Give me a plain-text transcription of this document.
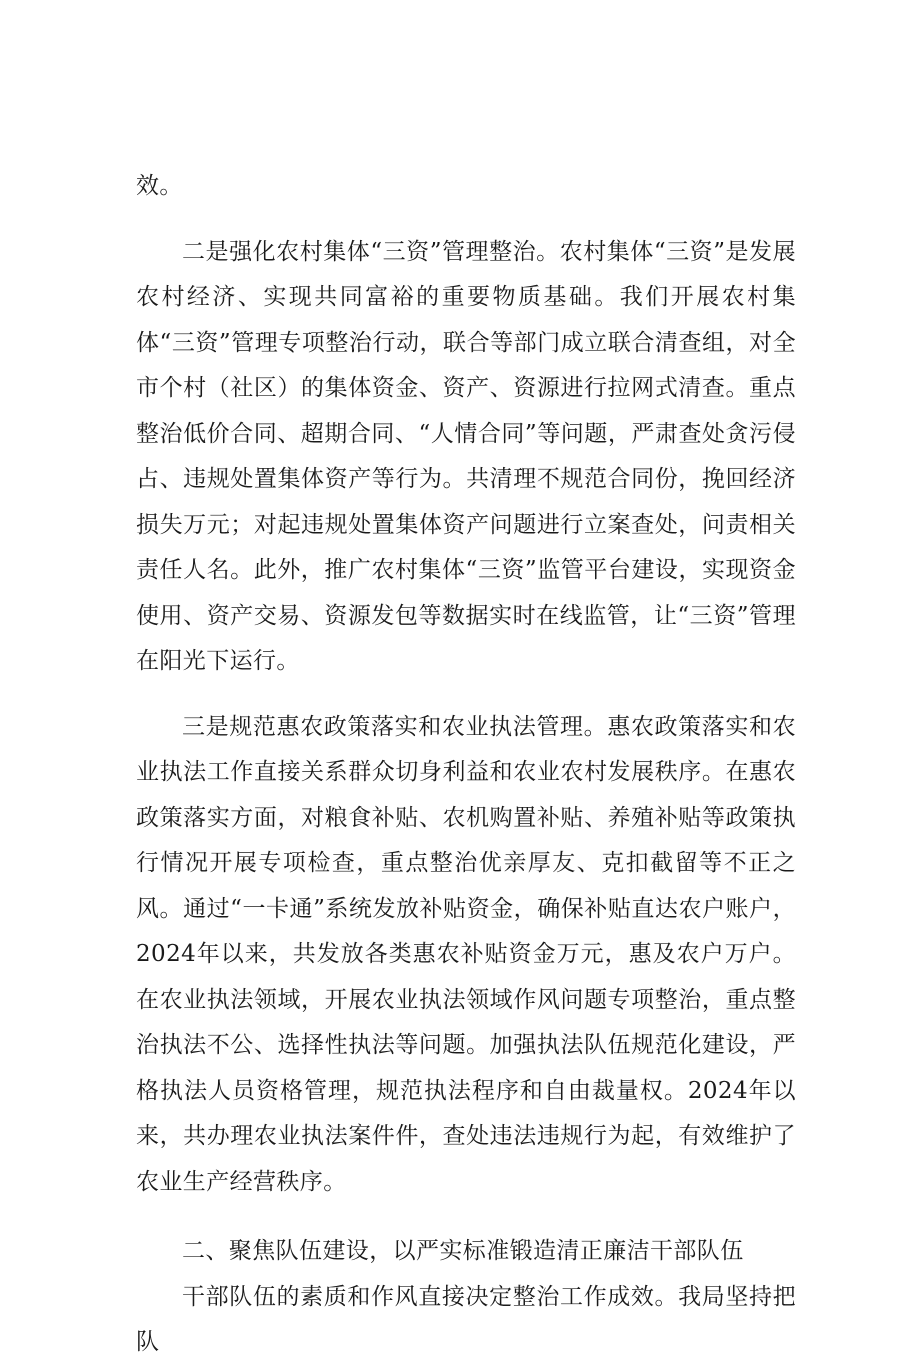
效。

二是强化农村集体“三资”管理整治。农村集体“三资”是发展农村经济、实现共同富裕的重要物质基础。我们开展农村集体“三资”管理专项整治行动，联合等部门成立联合清查组，对全市个村（社区）的集体资金、资产、资源进行拉网式清查。重点整治低价合同、超期合同、“人情合同”等问题，严肃查处贪污侵占、违规处置集体资产等行为。共清理不规范合同份，挽回经济损失万元；对起违规处置集体资产问题进行立案查处，问责相关责任人名。此外，推广农村集体“三资”监管平台建设，实现资金使用、资产交易、资源发包等数据实时在线监管，让“三资”管理在阳光下运行。

三是规范惠农政策落实和农业执法管理。惠农政策落实和农业执法工作直接关系群众切身利益和农业农村发展秩序。在惠农政策落实方面，对粮食补贴、农机购置补贴、养殖补贴等政策执行情况开展专项检查，重点整治优亲厚友、克扣截留等不正之风。通过“一卡通”系统发放补贴资金，确保补贴直达农户账户，2024年以来，共发放各类惠农补贴资金万元，惠及农户万户。在农业执法领域，开展农业执法领域作风问题专项整治，重点整治执法不公、选择性执法等问题。加强执法队伍规范化建设，严格执法人员资格管理，规范执法程序和自由裁量权。2024年以来，共办理农业执法案件件，查处违法违规行为起，有效维护了农业生产经营秩序。

二、聚焦队伍建设，以严实标准锻造清正廉洁干部队伍

干部队伍的素质和作风直接决定整治工作成效。我局坚持把队
